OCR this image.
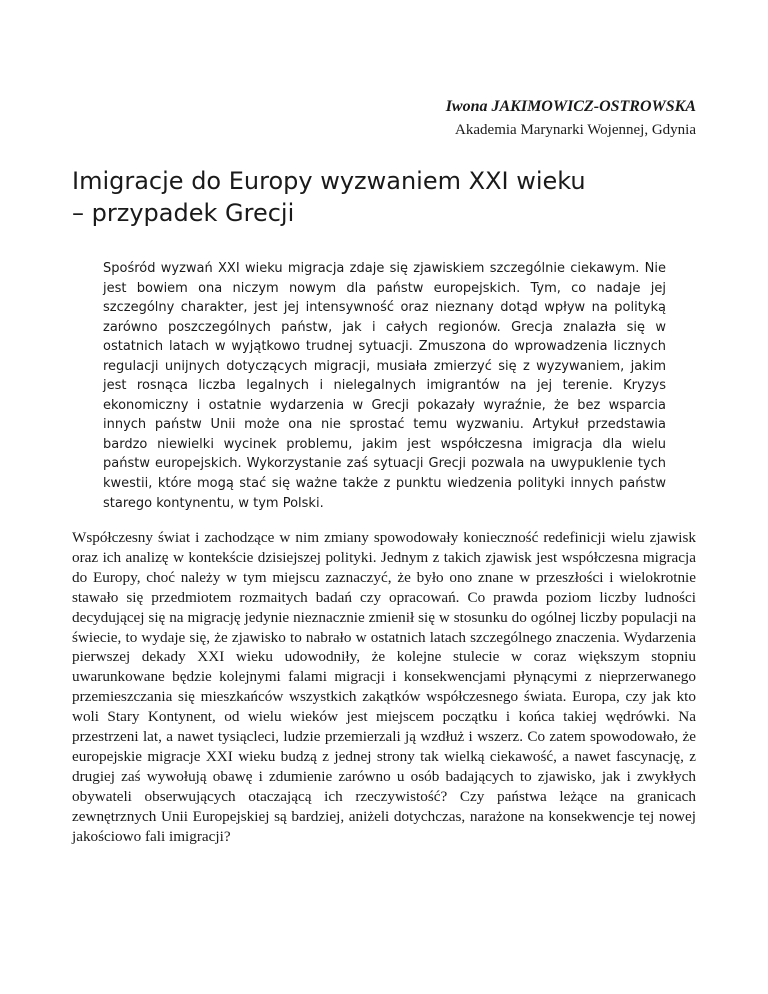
Iwona JAKIMOWICZ-OSTROWSKA
Akademia Marynarki Wojennej, Gdynia
Imigracje do Europy wyzwaniem XXI wieku
– przypadek Grecji

Spośród wyzwań XXI wieku migracja zdaje się zjawiskiem szczególnie ciekawym. Nie jest bowiem ona niczym nowym dla państw europejskich. Tym, co nadaje jej szczególny charakter, jest jej intensywność oraz nieznany dotąd wpływ na polityką zarówno poszczególnych państw, jak i całych regionów. Grecja znalazła się w ostatnich latach w wyjątkowo trudnej sytuacji. Zmuszona do wprowadzenia licznych regulacji unijnych dotyczących migracji, musiała zmierzyć się z wyzywaniem, jakim jest rosnąca liczba legalnych i nielegalnych imigrantów na jej terenie. Kryzys ekonomiczny i ostatnie wydarzenia w Grecji pokazały wyraźnie, że bez wsparcia innych państw Unii może ona nie sprostać temu wyzwaniu. Artykuł przedstawia bardzo niewielki wycinek problemu, jakim jest współczesna imigracja dla wielu państw europejskich. Wykorzystanie zaś sytuacji Grecji pozwala na uwypuklenie tych kwestii, które mogą stać się ważne także z punktu wiedzenia polityki innych państw starego kontynentu, w tym Polski.

Współczesny świat i zachodzące w nim zmiany spowodowały konieczność redefinicji wielu zjawisk oraz ich analizę w kontekście dzisiejszej polityki. Jednym z takich zjawisk jest współczesna migracja do Europy, choć należy w tym miejscu zaznaczyć, że było ono znane w przeszłości i wielokrotnie stawało się przedmiotem rozmaitych badań czy opracowań. Co prawda poziom liczby ludności decydującej się na migrację jedynie nieznacznie zmienił się w stosunku do ogólnej liczby populacji na świecie, to wydaje się, że zjawisko to nabrało w ostatnich latach szczególnego znaczenia. Wydarzenia pierwszej dekady XXI wieku udowodniły, że kolejne stulecie w coraz większym stopniu uwarunkowane będzie kolejnymi falami migracji i konsekwencjami płynącymi z nieprzerwanego przemieszczania się mieszkańców wszystkich zakątków współczesnego świata. Europa, czy jak kto woli Stary Kontynent, od wielu wieków jest miejscem początku i końca takiej wędrówki. Na przestrzeni lat, a nawet tysiącleci, ludzie przemierzali ją wzdłuż i wszerz. Co zatem spowodowało, że europejskie migracje XXI wieku budzą z jednej strony tak wielką ciekawość, a nawet fascynację, z drugiej zaś wywołują obawę i zdumienie zarówno u osób badających to zjawisko, jak i zwykłych obywateli obserwujących otaczającą ich rzeczywistość? Czy państwa leżące na granicach zewnętrznych Unii Europejskiej są bardziej, aniżeli dotychczas, narażone na konsekwencje tej nowej jakościowo fali imigracji?
